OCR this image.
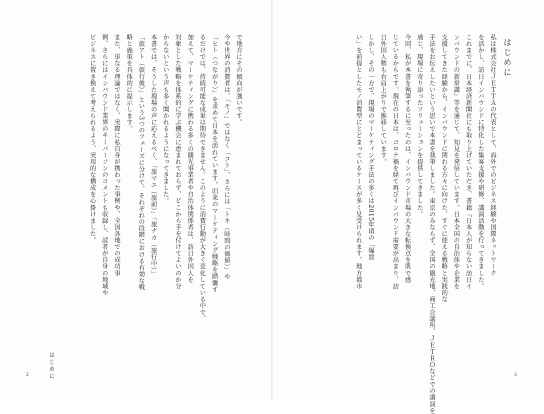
はじめに
私は株式会社ＪＥＴＴＡの代表として、海外でのビジネス経験や国際ネットワーク
を活かし、訪日インバウンドに特化した集客支援や研修、講演活動を行ってきました。
これまでに、日本経済新聞社にも取り上げていただき、書籍『日本人が知らない訪日イ
ンバウンドの新常識』等を通じて、知見を発信しています。日本全国の自治体や企業を
支援してきた経験から、インバウンドに関わる方々に向けた、すぐに使える戦略と実践的な
手法をお伝えしたいという思いで本書を執筆しました。東京のみならず、全国の観光地、商工会議所、ＪＥＴＲＯなどでの講演を
通じ、現場に寄り添ったソリューションを提供してきました。
今回、私が本書を執筆するに至ったのは、インバウンド市場の大きな転換点を肌で感
じているからです。現在の日本は、コロナ禍を経て再びインバウンド需要が高まり、訪
日外国人数も右肩上がりで推移しています。
しかし、その一方で、現場のマーケティング手法の多くは2015年頃の「爆買
い」を前提としたモノ消費型にとどまっているケースが多く見受けられます。地方都市
で地方にその傾向が強いです。
今や世界の消費者は、「モノ」ではなく「コト」、さらには「トキ（時間の価値）」や
「ヒト（つながり）」を求めて日本を訪れています。旧来のマーケティング戦略を踏襲す
るだけでは、持続可能な成果は期待できません。このように消費行動が大きく変化している中で、
加えて、マーケティングに携わる多くの観光事業者や自治体関係者は、訪日外国人を
対象とした戦略を体系的に学ぶ機会に恵まれておらず、どこから手を付けてよいのか分
からないという声も多く聞かれるようになってきました。
本書では、そうした現場の声に応えるべく、「旅マエ（旅前）」「旅ナカ（旅行中）」
「旅アト（旅行後）」という3つのフェーズに分けて、それぞれの段階における有効な戦
略と施策を具体的に提示します。
また、単なる理論ではなく、実際に私自身が携わった事例や、全国各地での成功事
例、さらにはインバウンド業界のキーパーソンのコメントも収録し、読者が自身の地域や
ビジネスに置き換えて考えられるよう、実用的な構成を心掛けました。
はじめに
2	3
